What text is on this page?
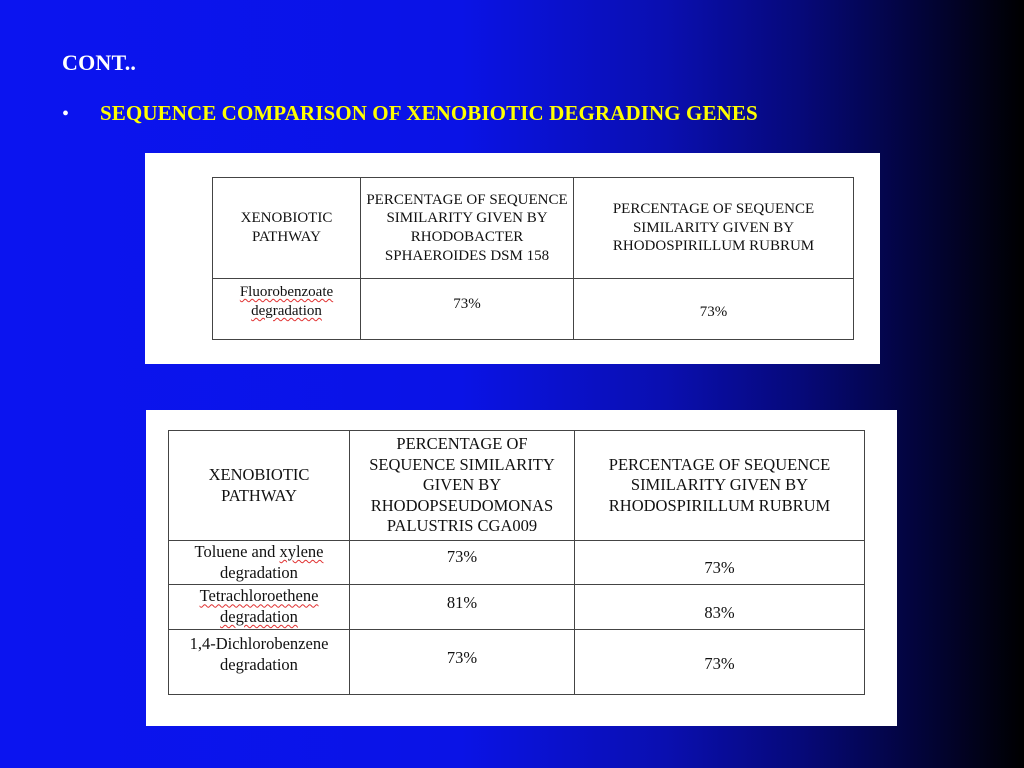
CONT..
•	SEQUENCE COMPARISON OF XENOBIOTIC DEGRADING GENES
XENOBIOTIC PATHWAY	PERCENTAGE OF SEQUENCE SIMILARITY GIVEN BY RHODOBACTER SPHAEROIDES DSM 158	PERCENTAGE OF SEQUENCE SIMILARITY GIVEN BY RHODOSPIRILLUM RUBRUM
Fluorobenzoate degradation	73%	73%
XENOBIOTIC PATHWAY	PERCENTAGE OF SEQUENCE SIMILARITY GIVEN BY RHODOPSEUDOMONAS PALUSTRIS CGA009	PERCENTAGE OF SEQUENCE SIMILARITY GIVEN BY RHODOSPIRILLUM RUBRUM
Toluene and xylene degradation	73%	73%
Tetrachloroethene degradation	81%	83%
1,4-Dichlorobenzene degradation	73%	73%
